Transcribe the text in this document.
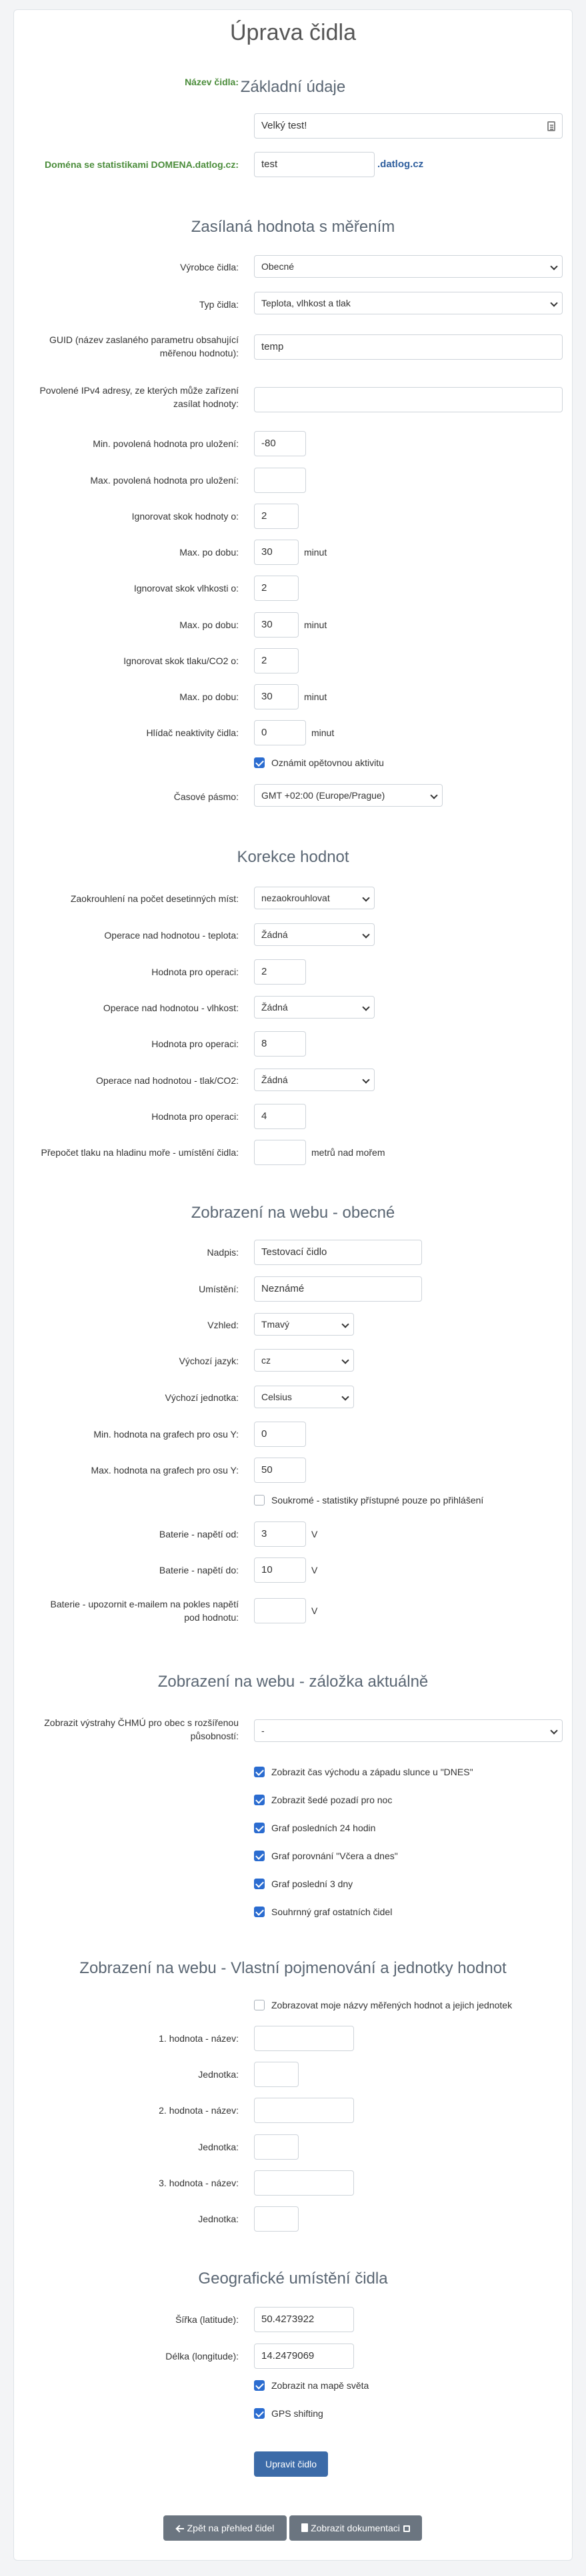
Úprava čidla
Základní údaje
Název čidla:
Velký test!
Doména se statistikami DOMENA.datlog.cz:	test	.datlog.cz
Zasílaná hodnota s měřením
Výrobce čidla:	Obecné
Typ čidla:	Teplota, vlhkost a tlak
GUID (název zaslaného parametru obsahující
měřenou hodnotu):
temp
Povolené IPv4 adresy, ze kterých může zařízení
zasílat hodnoty:
Min. povolená hodnota pro uložení:	-80
Max. povolená hodnota pro uložení:
Ignorovat skok hodnoty o:	2
Max. po dobu:	30	minut
Ignorovat skok vlhkosti o:	2
Max. po dobu:	30	minut
Ignorovat skok tlaku/CO2 o:	2
Max. po dobu:	30	minut
Hlídač neaktivity čidla:	0	minut
Oznámit opětovnou aktivitu
Časové pásmo:	GMT +02:00 (Europe/Prague)
Korekce hodnot
Zaokrouhlení na počet desetinných míst:	nezaokrouhlovat
Operace nad hodnotou - teplota:	Žádná
Hodnota pro operaci:	2
Operace nad hodnotou - vlhkost:	Žádná
Hodnota pro operaci:	8
Operace nad hodnotou - tlak/CO2:	Žádná
Hodnota pro operaci:	4
Přepočet tlaku na hladinu moře - umístění čidla:	metrů nad mořem
Zobrazení na webu - obecné
Nadpis:	Testovací čidlo
Umístění:	Neznámé
Vzhled:	Tmavý
Výchozí jazyk:	cz
Výchozí jednotka:	Celsius
Min. hodnota na grafech pro osu Y:	0
Max. hodnota na grafech pro osu Y:	50
Soukromé - statistiky přístupné pouze po přihlášení
Baterie - napětí od:	3	V
Baterie - napětí do:	10	V
Baterie - upozornit e-mailem na pokles napětí
pod hodnotu:
V
Zobrazení na webu - záložka aktuálně
Zobrazit výstrahy ČHMÚ pro obec s rozšířenou
působností:	-
Zobrazit čas východu a západu slunce u "DNES"
Zobrazit šedé pozadí pro noc
Graf posledních 24 hodin
Graf porovnání "Včera a dnes"
Graf poslední 3 dny
Souhrnný graf ostatních čidel
Zobrazení na webu - Vlastní pojmenování a jednotky hodnot
Zobrazovat moje názvy měřených hodnot a jejich jednotek
1. hodnota - název:
Jednotka:
2. hodnota - název:
Jednotka:
3. hodnota - název:
Jednotka:
Geografické umístění čidla
Šířka (latitude):	50.4273922
Délka (longitude):	14.2479069
Zobrazit na mapě světa
GPS shifting
Upravit čidlo
Zpět na přehled čidel	Zobrazit dokumentaci
